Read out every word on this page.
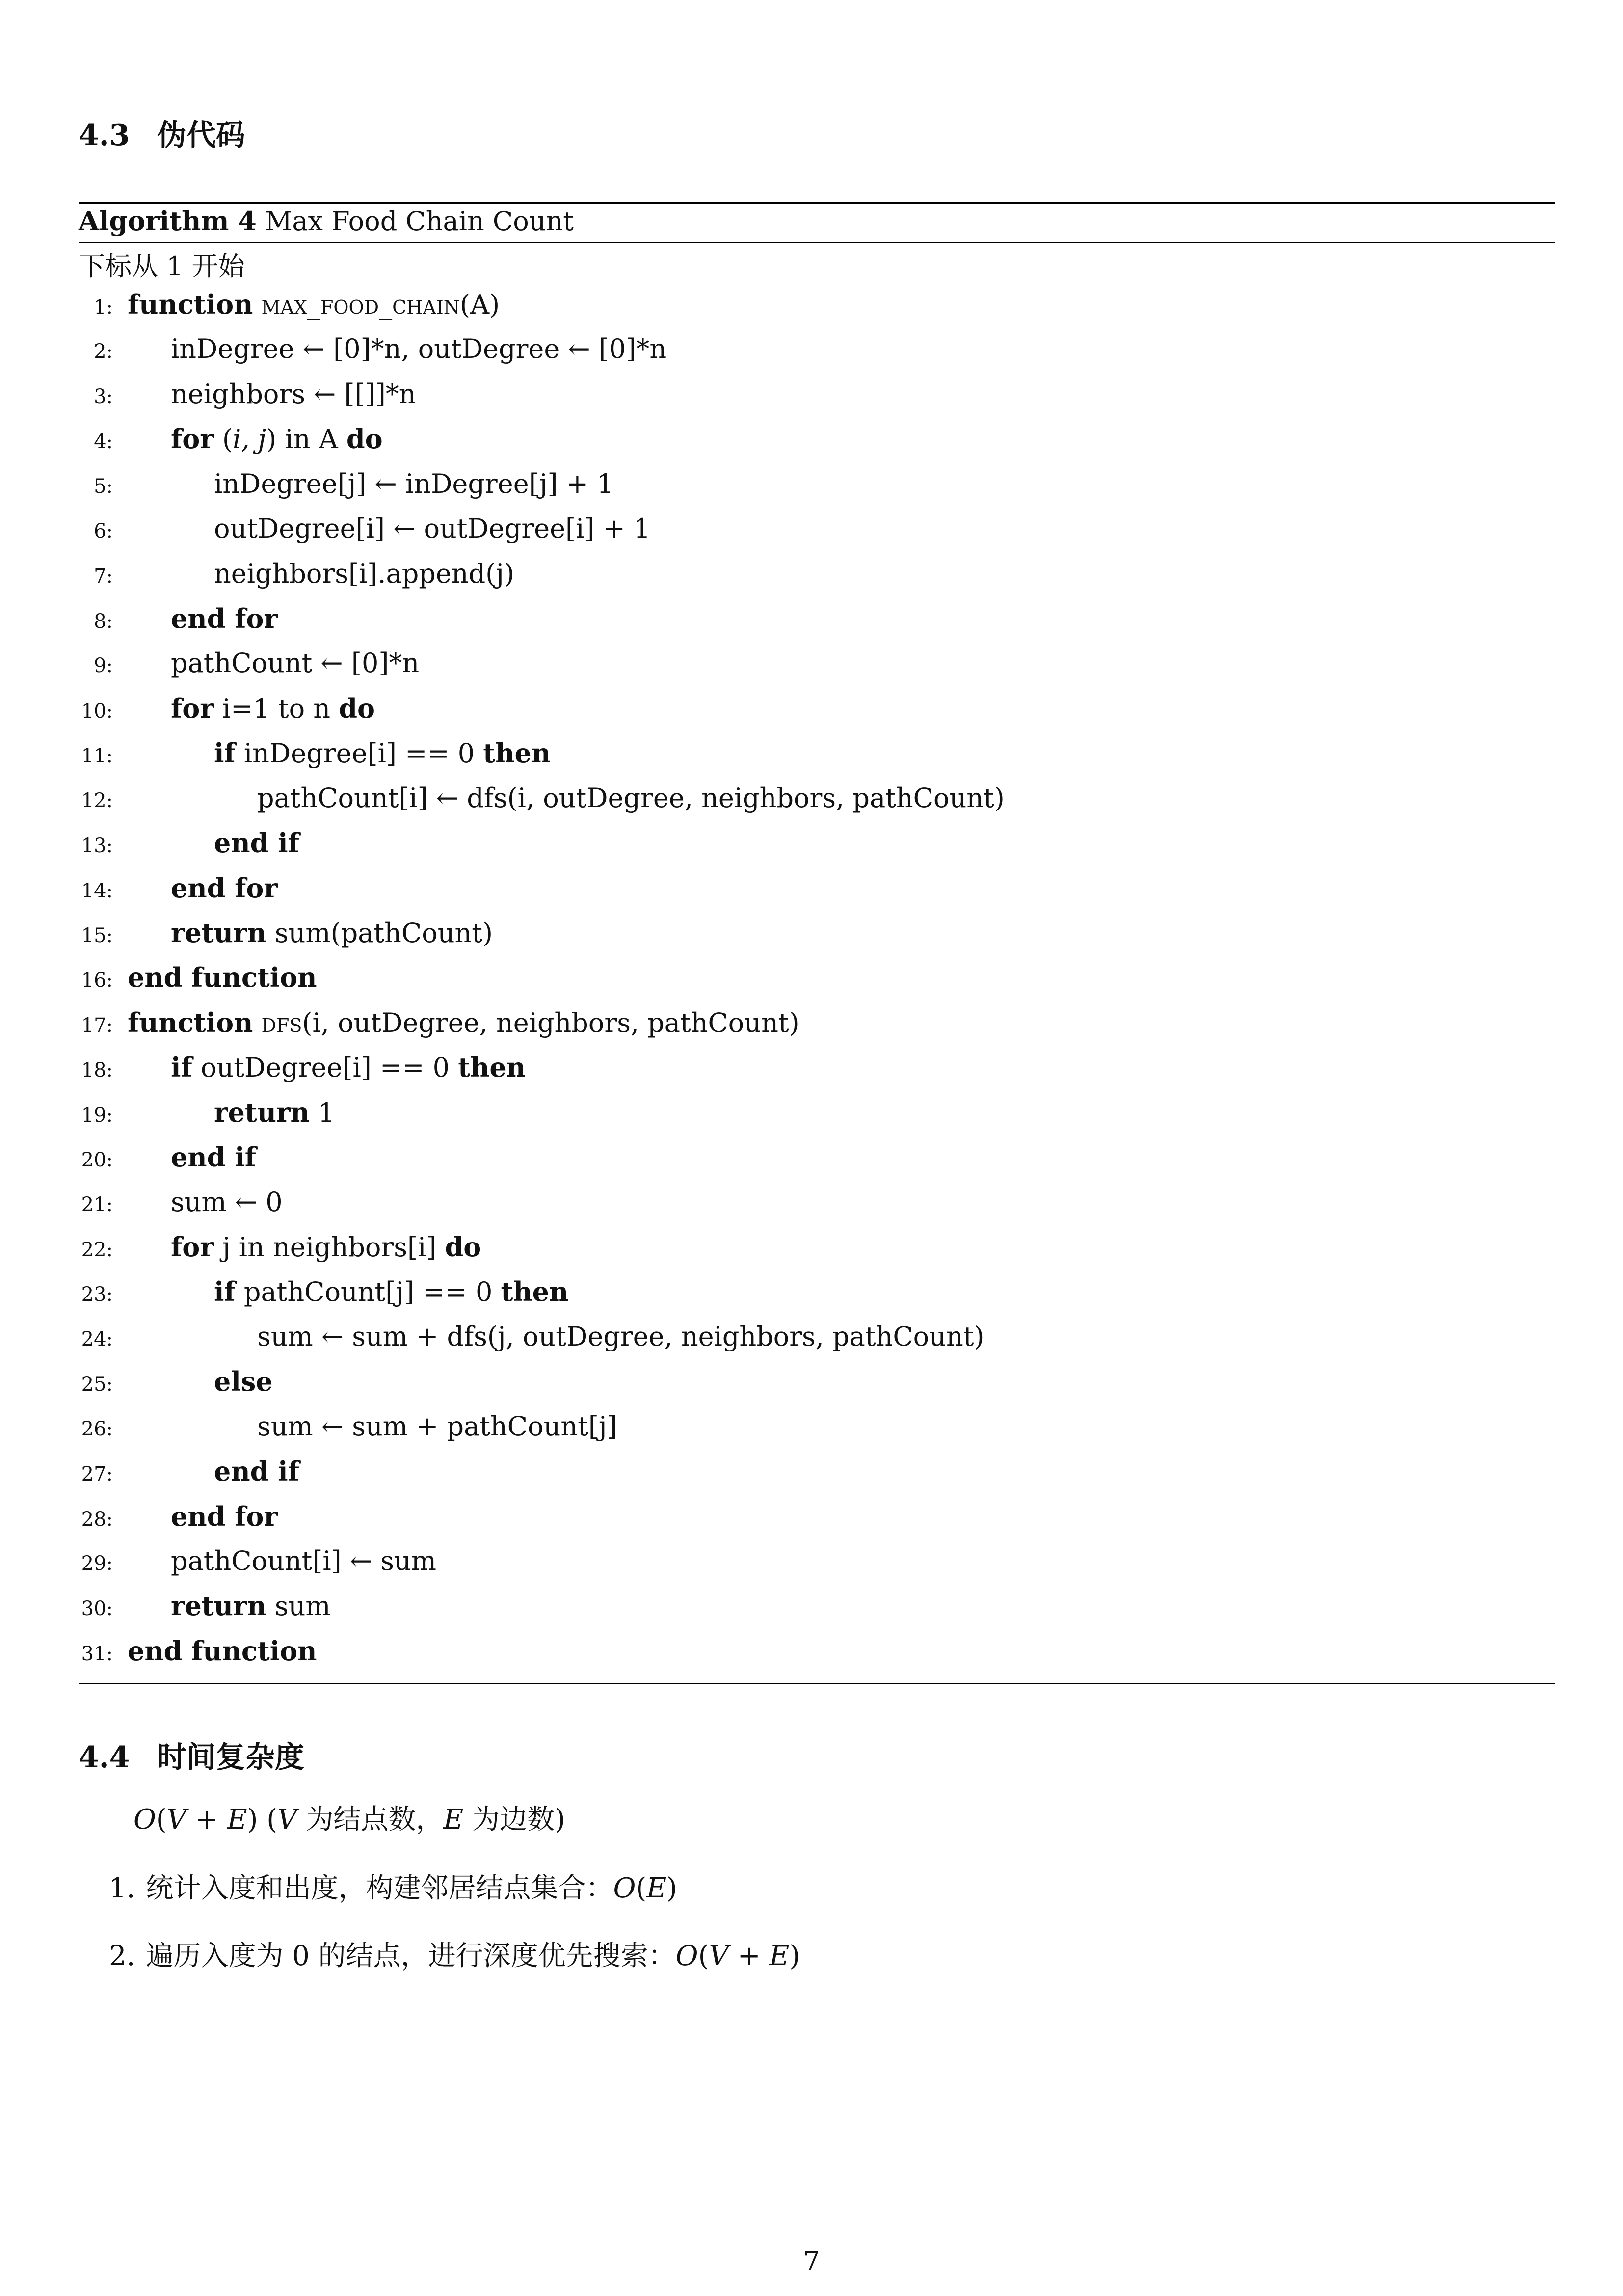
4.3 伪代码
Algorithm 4 Max Food Chain Count
下标从 1 开始
1: function max_food_chain(A)
2: inDegree ← [0]*n, outDegree ← [0]*n
3: neighbors ← [[]]*n
4: for (i, j) in A do
5:	inDegree[j] ← inDegree[j] + 1
6:	outDegree[i] ← outDegree[i] + 1
7:	neighbors[i].append(j)
8: end for
9: pathCount ← [0]*n
10: for i=1 to n do
11:	if inDegree[i] == 0 then
12:	pathCount[i] ← dfs(i, outDegree, neighbors, pathCount)
13:	end if
14: end for
15: return sum(pathCount)
16: end function
17: function dfs(i, outDegree, neighbors, pathCount)
18: if outDegree[i] == 0 then
19:	return 1
20: end if
21: sum ← 0
22: for j in neighbors[i] do
23:	if pathCount[j] == 0 then
24:	sum ← sum + dfs(j, outDegree, neighbors, pathCount)
25:	else
26:	sum ← sum + pathCount[j]
27:	end if
28: end for
29: pathCount[i] ← sum
30: return sum
31: end function
4.4 时间复杂度
O(V + E) (V 为结点数，E 为边数)
1. 统计入度和出度，构建邻居结点集合：O(E)
2. 遍历入度为 0 的结点，进行深度优先搜索：O(V + E)
7
